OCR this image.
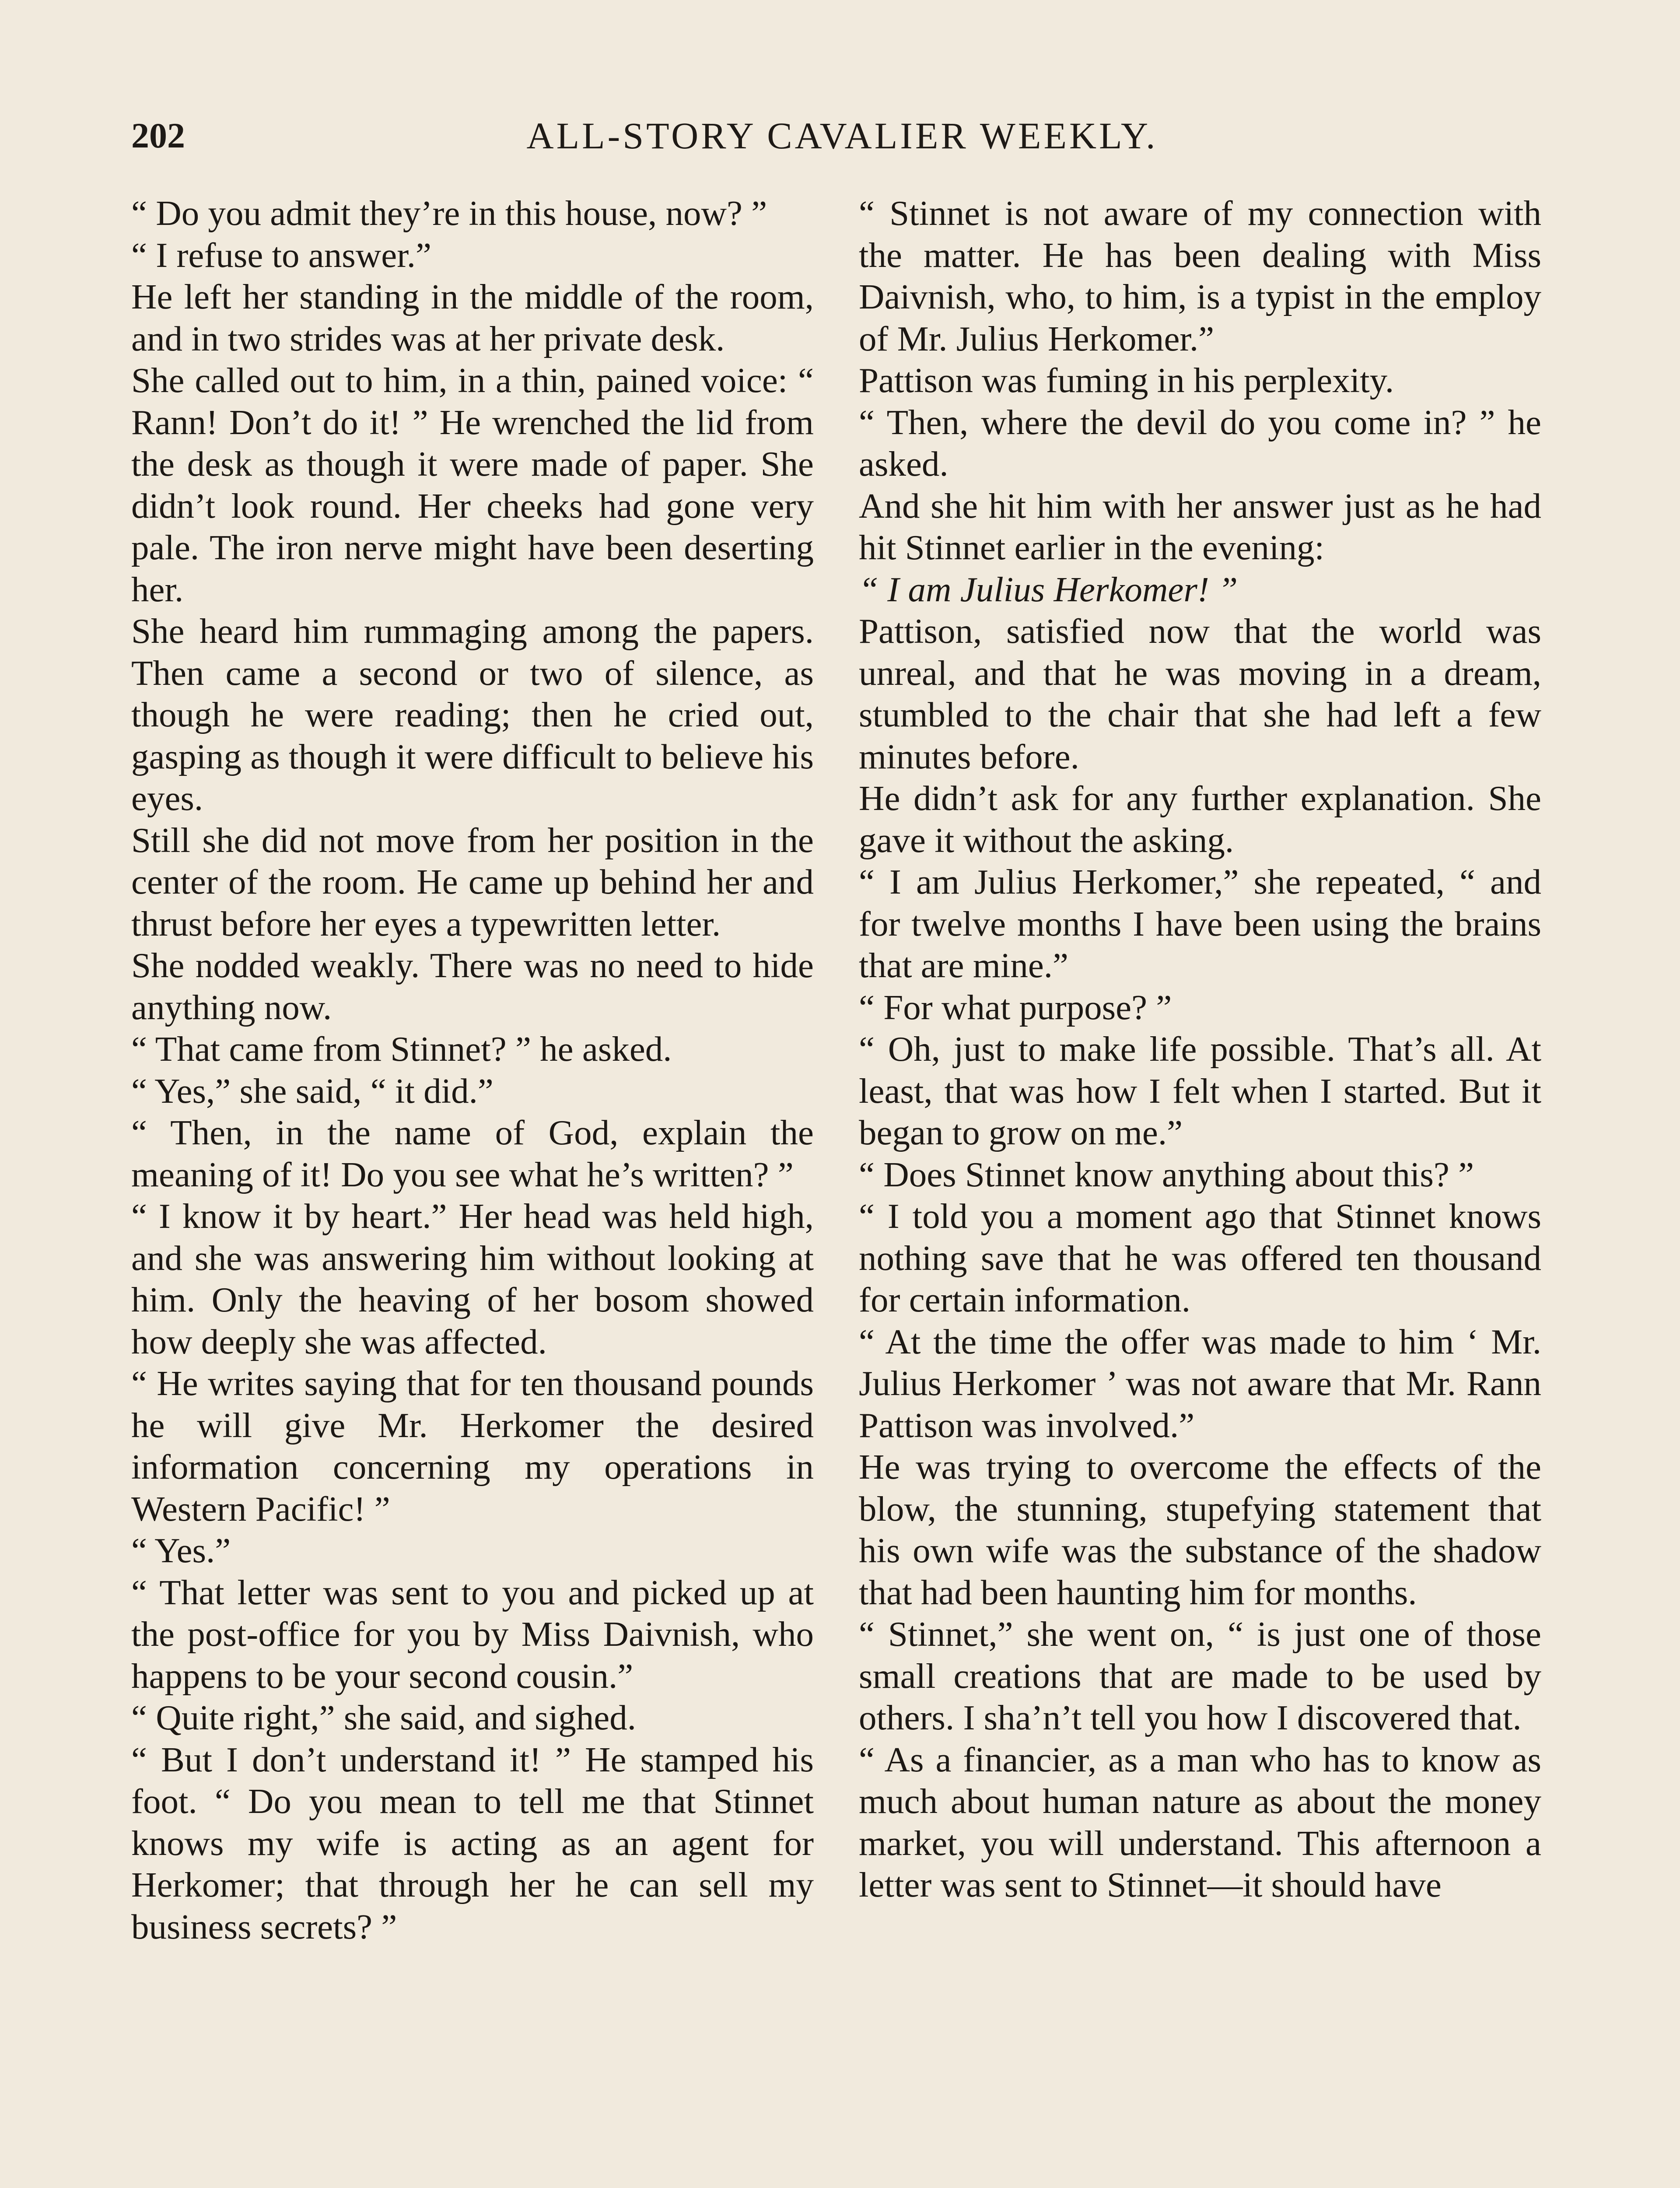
202	ALL-STORY CAVALIER WEEKLY.

“ Do you admit they’re in this house, now? ”

“ I refuse to answer.”

He left her standing in the middle of the room, and in two strides was at her private desk.

She called out to him, in a thin, pained voice: “ Rann! Don’t do it! ” He wrenched the lid from the desk as though it were made of paper. She didn’t look round. Her cheeks had gone very pale. The iron nerve might have been deserting her.

She heard him rummaging among the papers. Then came a second or two of silence, as though he were reading; then he cried out, gasping as though it were difficult to believe his eyes.

Still she did not move from her position in the center of the room. He came up behind her and thrust before her eyes a typewritten letter.

She nodded weakly. There was no need to hide anything now.

“ That came from Stinnet? ” he asked.

“ Yes,” she said, “ it did.”

“ Then, in the name of God, explain the meaning of it! Do you see what he’s written? ”

“ I know it by heart.” Her head was held high, and she was answering him without looking at him. Only the heaving of her bosom showed how deeply she was affected.

“ He writes saying that for ten thousand pounds he will give Mr. Herkomer the desired information concerning my operations in Western Pacific! ”

“ Yes.”

“ That letter was sent to you and picked up at the post-office for you by Miss Daivnish, who happens to be your second cousin.”

“ Quite right,” she said, and sighed.

“ But I don’t understand it! ” He stamped his foot. “ Do you mean to tell me that Stinnet knows my wife is acting as an agent for Herkomer; that through her he can sell my business secrets? ”

“ Stinnet is not aware of my connection with the matter. He has been dealing with Miss Daivnish, who, to him, is a typist in the employ of Mr. Julius Herkomer.”

Pattison was fuming in his perplexity.

“ Then, where the devil do you come in? ” he asked.

And she hit him with her answer just as he had hit Stinnet earlier in the evening:

“ I am Julius Herkomer! ”

Pattison, satisfied now that the world was unreal, and that he was moving in a dream, stumbled to the chair that she had left a few minutes before.

He didn’t ask for any further explanation. She gave it without the asking.

“ I am Julius Herkomer,” she repeated, “ and for twelve months I have been using the brains that are mine.”

“ For what purpose? ”

“ Oh, just to make life possible. That’s all. At least, that was how I felt when I started. But it began to grow on me.”

“ Does Stinnet know anything about this? ”

“ I told you a moment ago that Stinnet knows nothing save that he was offered ten thousand for certain information.

“ At the time the offer was made to him ‘ Mr. Julius Herkomer ’ was not aware that Mr. Rann Pattison was involved.”

He was trying to overcome the effects of the blow, the stunning, stupefying statement that his own wife was the substance of the shadow that had been haunting him for months.

“ Stinnet,” she went on, “ is just one of those small creations that are made to be used by others. I sha’n’t tell you how I discovered that.

“ As a financier, as a man who has to know as much about human nature as about the money market, you will understand. This afternoon a letter was sent to Stinnet—it should have
